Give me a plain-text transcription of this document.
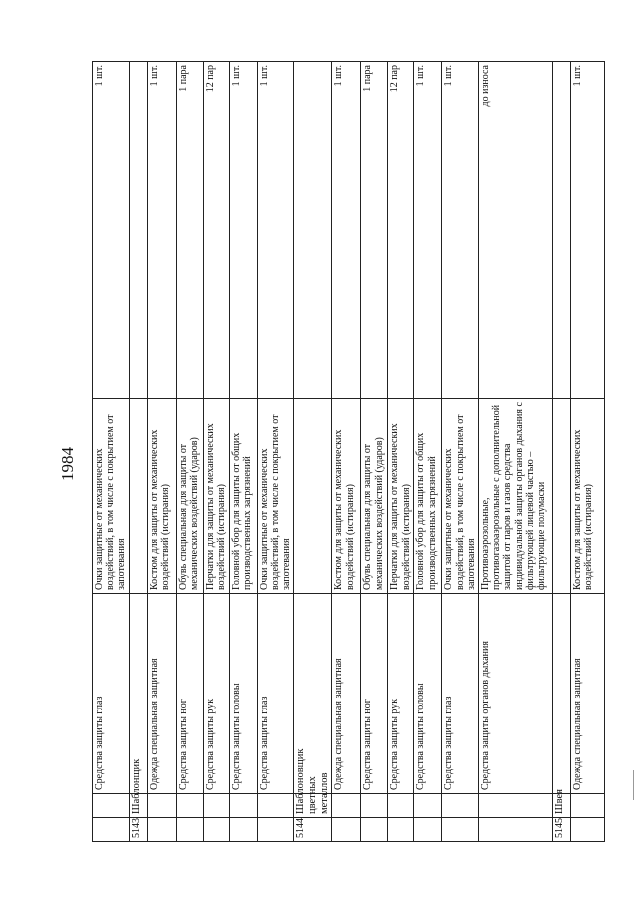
1984
		Средства защиты глаз	Очки защитные от механических воздействий, в том числе с покрытием от запотевания	1 шт.
5143	Шаблонщик			
		Одежда специальная защитная	Костюм для защиты от механических воздействий (истирания)	1 шт.
		Средства защиты ног	Обувь специальная для защиты от механических воздействий (ударов)	1 пара
		Средства защиты рук	Перчатки для защиты от механических воздействий (истирания)	12 пар
		Средства защиты головы	Головной убор для защиты от общих производственных загрязнений	1 шт.
		Средства защиты глаз	Очки защитные от механических воздействий, в том числе с покрытием от запотевания	1 шт.
5144	Шаблоновщик цветных металлов			
		Одежда специальная защитная	Костюм для защиты от механических воздействий (истирания)	1 шт.
		Средства защиты ног	Обувь специальная для защиты от механических воздействий (ударов)	1 пара
		Средства защиты рук	Перчатки для защиты от механических воздействий (истирания)	12 пар
		Средства защиты головы	Головной убор для защиты от общих производственных загрязнений	1 шт.
		Средства защиты глаз	Очки защитные от механических воздействий, в том числе с покрытием от запотевания	1 шт.
		Средства защиты органов дыхания	Противоаэрозольные, противогазоаэрозольные с дополнительной защитой от паров и газов средства индивидуальной защиты органов дыхания с фильтрующей лицевой частью – фильтрующие полумаски	до износа
5145	Швея			
		Одежда специальная защитная	Костюм для защиты от механических воздействий (истирания)	1 шт.
